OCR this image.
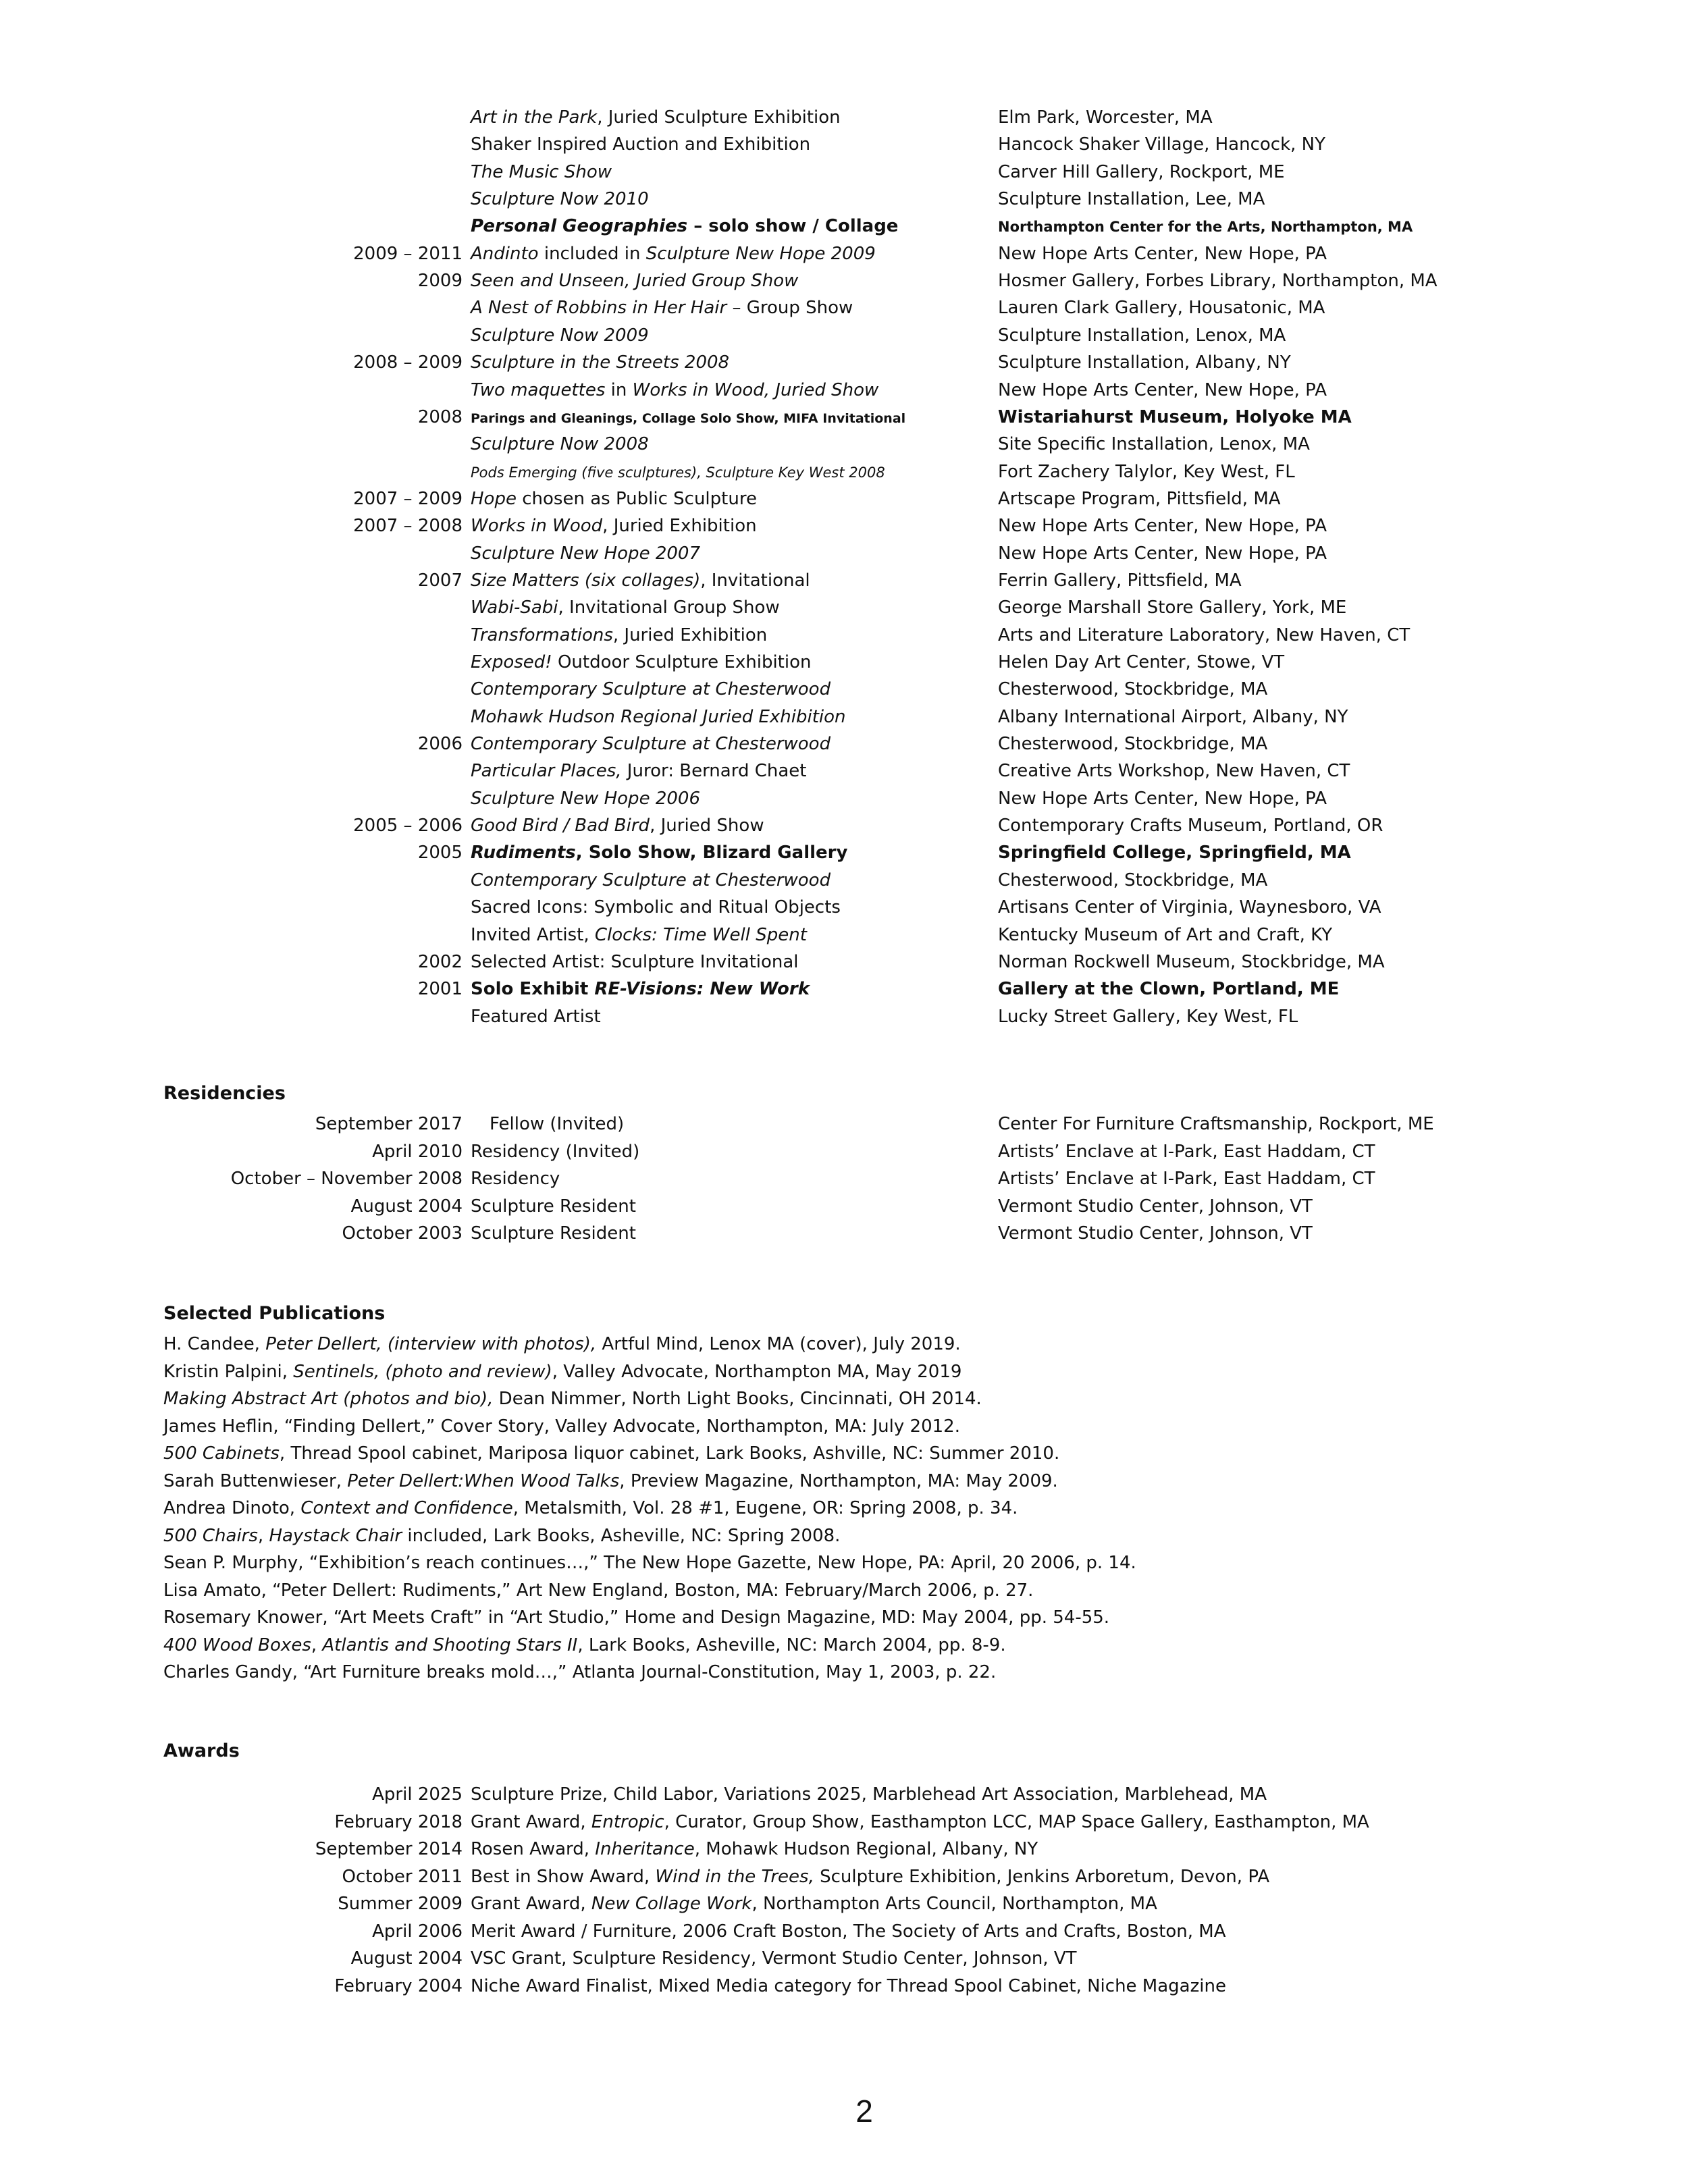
Art in the Park, Juried Sculpture Exhibition	Elm Park, Worcester, MA
Shaker Inspired Auction and Exhibition	Hancock Shaker Village, Hancock, NY
The Music Show	Carver Hill Gallery, Rockport, ME
Sculpture Now 2010	Sculpture Installation, Lee, MA
Personal Geographies – solo show / Collage	Northampton Center for the Arts, Northampton, MA
2009 – 2011 Andinto included in Sculpture New Hope 2009	New Hope Arts Center, New Hope, PA
2009 Seen and Unseen, Juried Group Show	Hosmer Gallery, Forbes Library, Northampton, MA
A Nest of Robbins in Her Hair – Group Show	Lauren Clark Gallery, Housatonic, MA
Sculpture Now 2009	Sculpture Installation, Lenox, MA
2008 – 2009 Sculpture in the Streets 2008	Sculpture Installation, Albany, NY
Two maquettes in Works in Wood, Juried Show	New Hope Arts Center, New Hope, PA
2008 Parings and Gleanings, Collage Solo Show, MIFA Invitational	Wistariahurst Museum, Holyoke MA
Sculpture Now 2008	Site Specific Installation, Lenox, MA
Pods Emerging (five sculptures), Sculpture Key West 2008	Fort Zachery Talylor, Key West, FL
2007 – 2009 Hope chosen as Public Sculpture	Artscape Program, Pittsfield, MA
2007 – 2008 Works in Wood, Juried Exhibition	New Hope Arts Center, New Hope, PA
Sculpture New Hope 2007	New Hope Arts Center, New Hope, PA
2007 Size Matters (six collages), Invitational	Ferrin Gallery, Pittsfield, MA
Wabi-Sabi, Invitational Group Show	George Marshall Store Gallery, York, ME
Transformations, Juried Exhibition	Arts and Literature Laboratory, New Haven, CT
Exposed! Outdoor Sculpture Exhibition	Helen Day Art Center, Stowe, VT
Contemporary Sculpture at Chesterwood	Chesterwood, Stockbridge, MA
Mohawk Hudson Regional Juried Exhibition	Albany International Airport, Albany, NY
2006 Contemporary Sculpture at Chesterwood	Chesterwood, Stockbridge, MA
Particular Places, Juror: Bernard Chaet	Creative Arts Workshop, New Haven, CT
Sculpture New Hope 2006	New Hope Arts Center, New Hope, PA
2005 – 2006 Good Bird / Bad Bird, Juried Show	Contemporary Crafts Museum, Portland, OR
2005 Rudiments, Solo Show, Blizard Gallery	Springfield College, Springfield, MA
Contemporary Sculpture at Chesterwood	Chesterwood, Stockbridge, MA
Sacred Icons: Symbolic and Ritual Objects	Artisans Center of Virginia, Waynesboro, VA
Invited Artist, Clocks: Time Well Spent	Kentucky Museum of Art and Craft, KY
2002 Selected Artist: Sculpture Invitational	Norman Rockwell Museum, Stockbridge, MA
2001 Solo Exhibit RE-Visions: New Work	Gallery at the Clown, Portland, ME
Featured Artist	Lucky Street Gallery, Key West, FL
Residencies
September 2017 Fellow (Invited)	Center For Furniture Craftsmanship, Rockport, ME
April 2010 Residency (Invited)	Artists’ Enclave at I-Park, East Haddam, CT
October – November 2008 Residency	Artists’ Enclave at I-Park, East Haddam, CT
August 2004 Sculpture Resident	Vermont Studio Center, Johnson, VT
October 2003 Sculpture Resident	Vermont Studio Center, Johnson, VT
Selected Publications
H. Candee, Peter Dellert, (interview with photos), Artful Mind, Lenox MA (cover), July 2019.
Kristin Palpini, Sentinels, (photo and review), Valley Advocate, Northampton MA, May 2019
Making Abstract Art (photos and bio), Dean Nimmer, North Light Books, Cincinnati, OH 2014.
James Heflin, “Finding Dellert,” Cover Story, Valley Advocate, Northampton, MA: July 2012.
500 Cabinets, Thread Spool cabinet, Mariposa liquor cabinet, Lark Books, Ashville, NC: Summer 2010.
Sarah Buttenwieser, Peter Dellert:When Wood Talks, Preview Magazine, Northampton, MA: May 2009.
Andrea Dinoto, Context and Confidence, Metalsmith, Vol. 28 #1, Eugene, OR: Spring 2008, p. 34.
500 Chairs, Haystack Chair included, Lark Books, Asheville, NC: Spring 2008.
Sean P. Murphy, “Exhibition’s reach continues…,” The New Hope Gazette, New Hope, PA: April, 20 2006, p. 14.
Lisa Amato, “Peter Dellert: Rudiments,” Art New England, Boston, MA: February/March 2006, p. 27.
Rosemary Knower, “Art Meets Craft” in “Art Studio,” Home and Design Magazine, MD: May 2004, pp. 54-55.
400 Wood Boxes, Atlantis and Shooting Stars II, Lark Books, Asheville, NC: March 2004, pp. 8-9.
Charles Gandy, “Art Furniture breaks mold…,” Atlanta Journal-Constitution, May 1, 2003, p. 22.
Awards
April 2025 Sculpture Prize, Child Labor, Variations 2025, Marblehead Art Association, Marblehead, MA
February 2018 Grant Award, Entropic, Curator, Group Show, Easthampton LCC, MAP Space Gallery, Easthampton, MA
September 2014 Rosen Award, Inheritance, Mohawk Hudson Regional, Albany, NY
October 2011 Best in Show Award, Wind in the Trees, Sculpture Exhibition, Jenkins Arboretum, Devon, PA
Summer 2009 Grant Award, New Collage Work, Northampton Arts Council, Northampton, MA
April 2006 Merit Award / Furniture, 2006 Craft Boston, The Society of Arts and Crafts, Boston, MA
August 2004 VSC Grant, Sculpture Residency, Vermont Studio Center, Johnson, VT
February 2004 Niche Award Finalist, Mixed Media category for Thread Spool Cabinet, Niche Magazine
2
